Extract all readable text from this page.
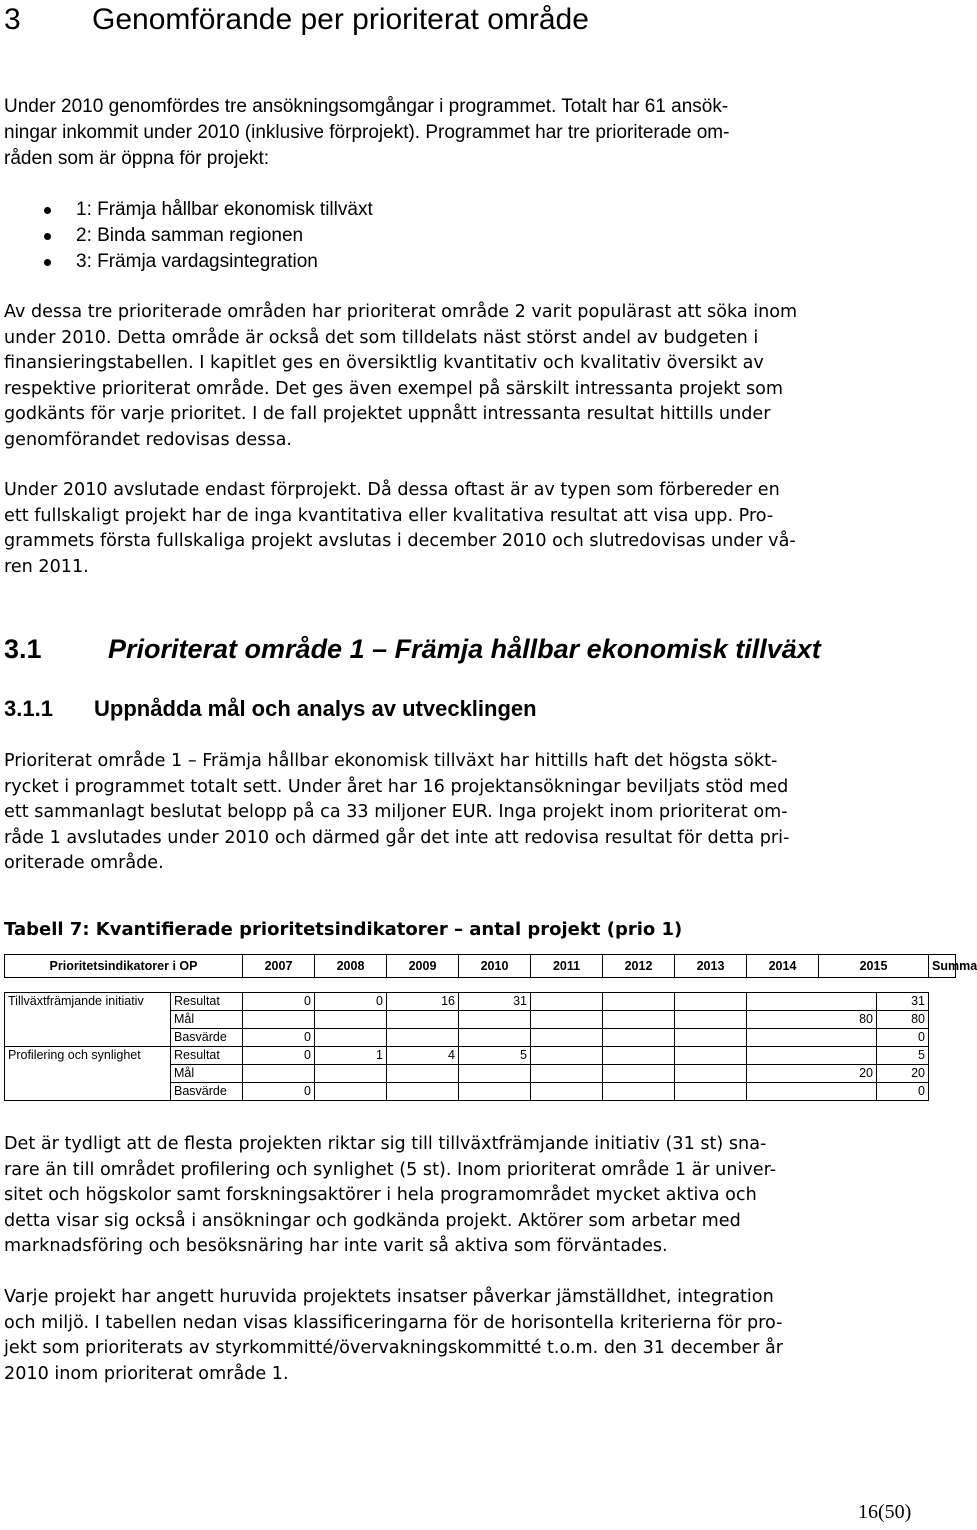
3 Genomförande per prioriterat område
Under 2010 genomfördes tre ansökningsomgångar i programmet. Totalt har 61 ansök-
ningar inkommit under 2010 (inklusive förprojekt). Programmet har tre prioriterade om-
råden som är öppna för projekt:
1: Främja hållbar ekonomisk tillväxt
2: Binda samman regionen
3: Främja vardagsintegration
Av dessa tre prioriterade områden har prioriterat område 2 varit populärast att söka inom
under 2010. Detta område är också det som tilldelats näst störst andel av budgeten i
finansieringstabellen. I kapitlet ges en översiktlig kvantitativ och kvalitativ översikt av
respektive prioriterat område. Det ges även exempel på särskilt intressanta projekt som
godkänts för varje prioritet. I de fall projektet uppnått intressanta resultat hittills under
genomförandet redovisas dessa.
Under 2010 avslutade endast förprojekt. Då dessa oftast är av typen som förbereder en
ett fullskaligt projekt har de inga kvantitativa eller kvalitativa resultat att visa upp. Pro-
grammets första fullskaliga projekt avslutas i december 2010 och slutredovisas under vå-
ren 2011.
3.1 Prioriterat område 1 – Främja hållbar ekonomisk tillväxt
3.1.1 Uppnådda mål och analys av utvecklingen
Prioriterat område 1 – Främja hållbar ekonomisk tillväxt har hittills haft det högsta sökt-
rycket i programmet totalt sett. Under året har 16 projektansökningar beviljats stöd med
ett sammanlagt beslutat belopp på ca 33 miljoner EUR. Inga projekt inom prioriterat om-
råde 1 avslutades under 2010 och därmed går det inte att redovisa resultat för detta pri-
oriterade område.

Tabell 7: Kvantifierade prioritetsindikatorer – antal projekt (prio 1)

Prioritetsindikatorer i OP		2007	2008	2009	2010	2011	2012	2013	2014	2015		Summa

Tillväxtfrämjande initiativ	Resultat	0	0	16	31						31	
	Mål								80		80	
	Basvärde	0									0	
Profilering och synlighet	Resultat	0	1	4	5						5	
	Mål								20		20	
	Basvärde	0									0	
Det är tydligt att de flesta projekten riktar sig till tillväxtfrämjande initiativ (31 st) sna-
rare än till området profilering och synlighet (5 st). Inom prioriterat område 1 är univer-
sitet och högskolor samt forskningsaktörer i hela programområdet mycket aktiva och
detta visar sig också i ansökningar och godkända projekt. Aktörer som arbetar med
marknadsföring och besöksnäring har inte varit så aktiva som förväntades.
Varje projekt har angett huruvida projektets insatser påverkar jämställdhet, integration
och miljö. I tabellen nedan visas klassificeringarna för de horisontella kriterierna för pro-
jekt som prioriterats av styrkommitté/övervakningskommitté t.o.m. den 31 december år
2010 inom prioriterat område 1.
16(50)
